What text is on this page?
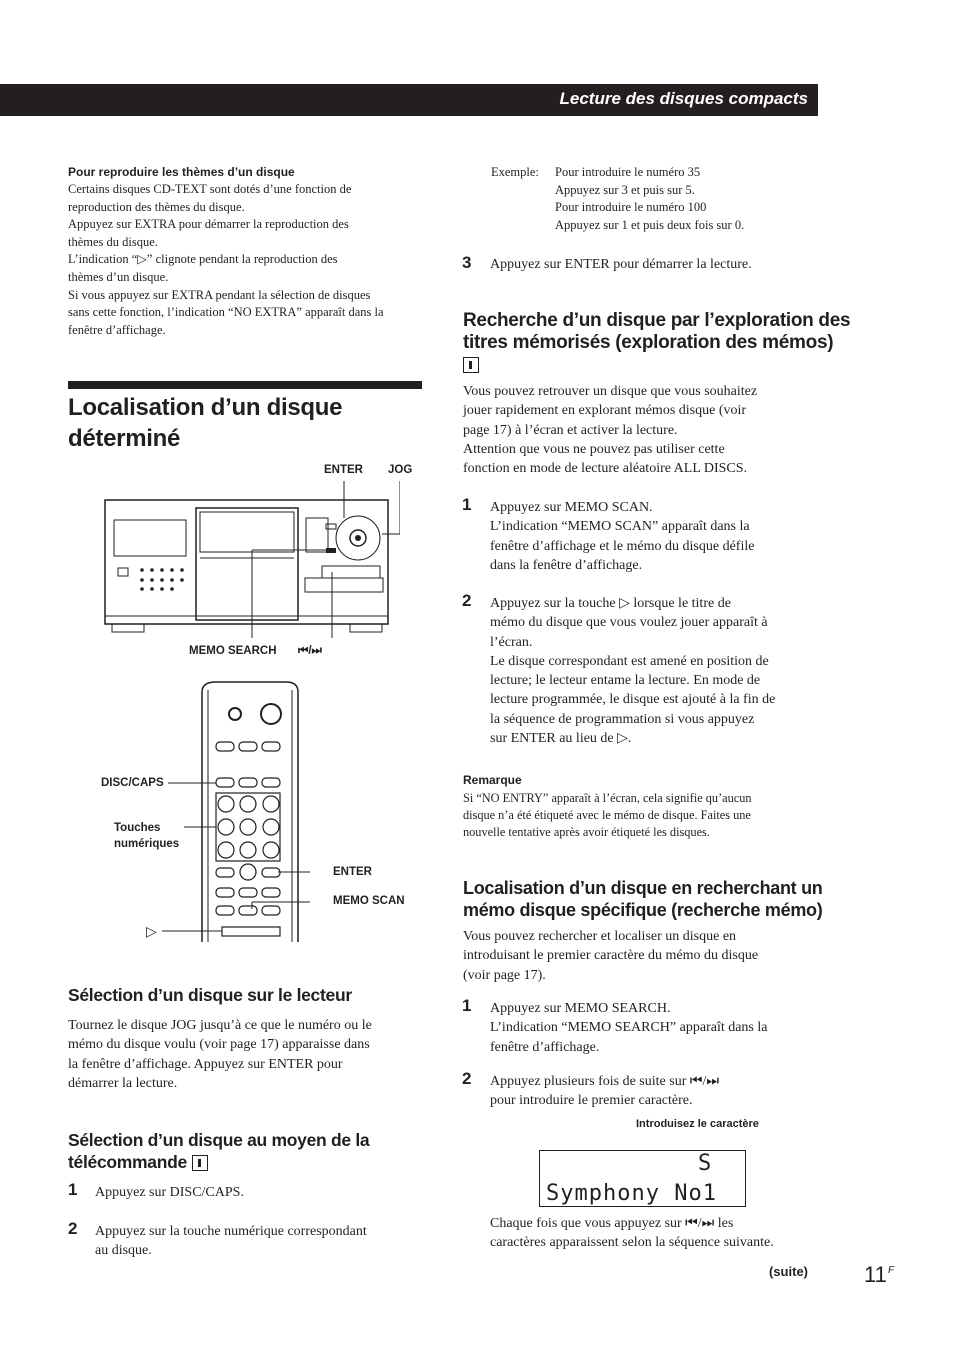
Lecture des disques compacts
Pour reproduire les thèmes d’un disque
Certains disques CD-TEXT sont dotés d’une fonction de
reproduction des thèmes du disque.
Appuyez sur EXTRA pour démarrer la reproduction des
thèmes du disque.
L’indication “▷” clignote pendant la reproduction des
thèmes d’un disque.
Si vous appuyez sur EXTRA pendant la sélection de disques
sans cette fonction, l’indication “NO EXTRA” apparaît dans la
fenêtre d’affichage.
Localisation d’un disque
déterminé
ENTER JOG
MEMO SEARCH ⏮/⏭
DISC/CAPS
Touches
numériques
ENTER
MEMO SCAN
▷
Sélection d’un disque sur le lecteur
Tournez le disque JOG jusqu’à ce que le numéro ou le
mémo du disque voulu (voir page 17) apparaisse dans
la fenêtre d’affichage. Appuyez sur ENTER pour
démarrer la lecture.
Sélection d’un disque au moyen de la
télécommande
1 Appuyez sur DISC/CAPS.
2 Appuyez sur la touche numérique correspondant
au disque.
Exemple: Pour introduire le numéro 35
Appuyez sur 3 et puis sur 5.
Pour introduire le numéro 100
Appuyez sur 1 et puis deux fois sur 0.
3 Appuyez sur ENTER pour démarrer la lecture.
Recherche d’un disque par l’exploration des
titres mémorisés (exploration des mémos)
Vous pouvez retrouver un disque que vous souhaitez
jouer rapidement en explorant mémos disque (voir
page 17) à l’écran et activer la lecture.
Attention que vous ne pouvez pas utiliser cette
fonction en mode de lecture aléatoire ALL DISCS.
1 Appuyez sur MEMO SCAN.
L’indication “MEMO SCAN” apparaît dans la
fenêtre d’affichage et le mémo du disque défile
dans la fenêtre d’affichage.
2 Appuyez sur la touche ▷ lorsque le titre de
mémo du disque que vous voulez jouer apparaît à
l’écran.
Le disque correspondant est amené en position de
lecture; le lecteur entame la lecture. En mode de
lecture programmée, le disque est ajouté à la fin de
la séquence de programmation si vous appuyez
sur ENTER au lieu de ▷.
Remarque
Si “NO ENTRY” apparaît à l’écran, cela signifie qu’aucun
disque n’a été étiqueté avec le mémo de disque. Faites une
nouvelle tentative après avoir étiqueté les disques.
Localisation d’un disque en recherchant un
mémo disque spécifique (recherche mémo)
Vous pouvez rechercher et localiser un disque en
introduisant le premier caractère du mémo du disque
(voir page 17).
1 Appuyez sur MEMO SEARCH.
L’indication “MEMO SEARCH” apparaît dans la
fenêtre d’affichage.
2 Appuyez plusieurs fois de suite sur ⏮/⏭
pour introduire le premier caractère.
Introduisez le caractère
S
Symphony No1
Chaque fois que vous appuyez sur ⏮/⏭ les
caractères apparaissent selon la séquence suivante.
(suite)	11 F
